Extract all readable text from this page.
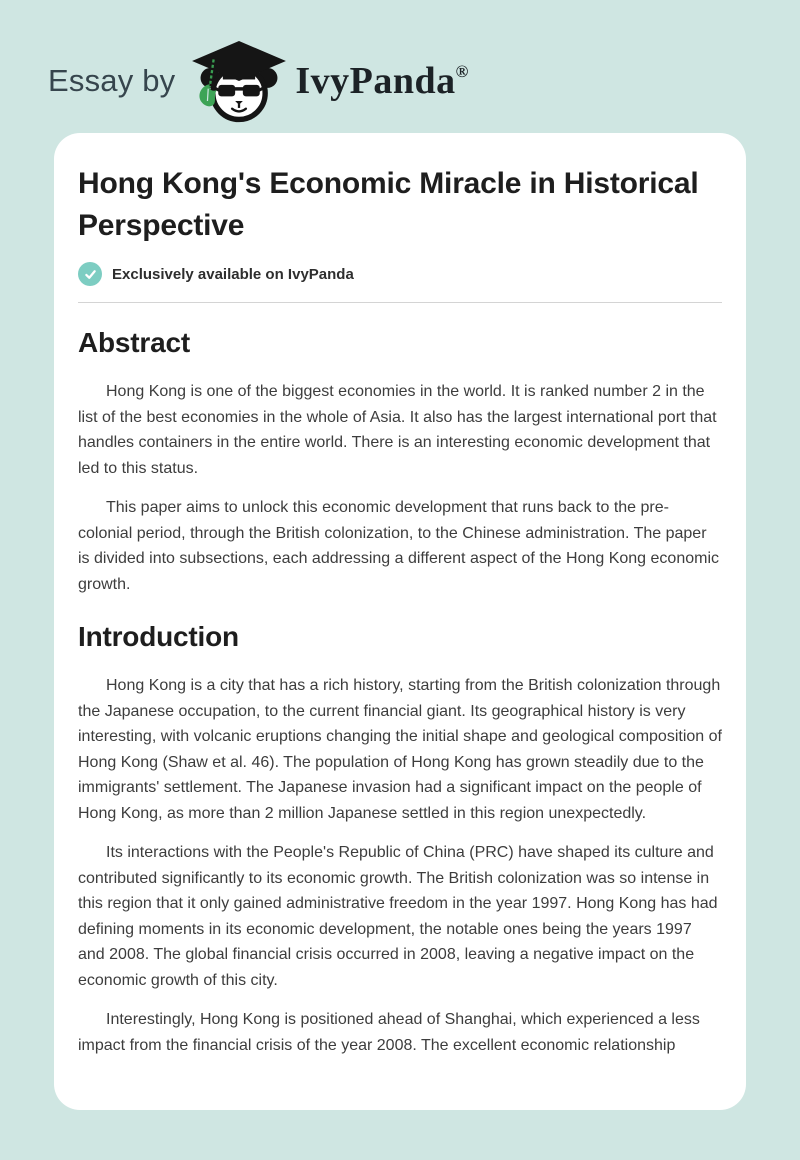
Essay by	IvyPanda®
Hong Kong's Economic Miracle in Historical Perspective
Exclusively available on IvyPanda
Abstract

Hong Kong is one of the biggest economies in the world. It is ranked number 2 in the list of the best economies in the whole of Asia. It also has the largest international port that handles containers in the entire world. There is an interesting economic development that led to this status.

This paper aims to unlock this economic development that runs back to the pre-colonial period, through the British colonization, to the Chinese administration. The paper is divided into subsections, each addressing a different aspect of the Hong Kong economic growth.

Introduction

Hong Kong is a city that has a rich history, starting from the British colonization through the Japanese occupation, to the current financial giant. Its geographical history is very interesting, with volcanic eruptions changing the initial shape and geological composition of Hong Kong (Shaw et al. 46). The population of Hong Kong has grown steadily due to the immigrants' settlement. The Japanese invasion had a significant impact on the people of Hong Kong, as more than 2 million Japanese settled in this region unexpectedly.

Its interactions with the People's Republic of China (PRC) have shaped its culture and contributed significantly to its economic growth. The British colonization was so intense in this region that it only gained administrative freedom in the year 1997. Hong Kong has had defining moments in its economic development, the notable ones being the years 1997 and 2008. The global financial crisis occurred in 2008, leaving a negative impact on the economic growth of this city.

Interestingly, Hong Kong is positioned ahead of Shanghai, which experienced a less impact from the financial crisis of the year 2008. The excellent economic relationship
